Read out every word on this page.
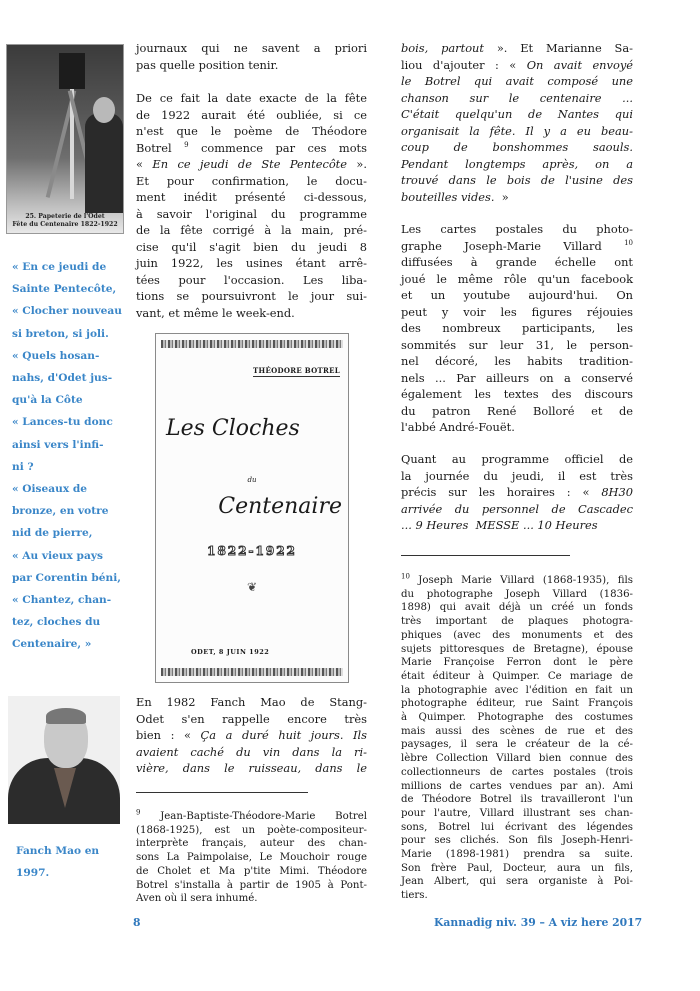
25. Papeterie de l'Odet
Fête du Centenaire 1822-1922
« En ce jeudi de
Sainte Pentecôte,
« Clocher nouveau
si breton, si joli.
« Quels hosan-
nahs, d'Odet jus-
qu'à la Côte
« Lances-tu donc
ainsi vers l'infi-
ni ?
« Oiseaux de
bronze, en votre
nid de pierre,
« Au vieux pays
par Corentin béni,
« Chantez, chan-
tez, cloches du
Centenaire, »
Fanch Mao en
1997.
journaux qui ne savent a priori
pas quelle position tenir.
De ce fait la date exacte de la fête
de 1922 aurait été oubliée, si ce
n'est que le poème de Théodore
Botrel $^9$ commence par ces mots
« En ce jeudi de Ste Pentecôte ».
Et pour confirmation, le docu-
ment inédit présenté ci-dessous,
à savoir l'original du programme
de la fête corrigé à la main, pré-
cise qu'il s'agit bien du jeudi 8
juin 1922, les usines étant arrê-
tées pour l'occasion. Les liba-
tions se poursuivront le jour sui-
vant, et même le week-end.
THÉODORE BOTREL
Les Cloches
du
Centenaire
1822-1922
❦
ODET, 8 JUIN 1922
En 1982 Fanch Mao de Stang-
Odet s'en rappelle encore très
bien : « Ça a duré huit jours. Ils
avaient caché du vin dans la ri-
vière, dans le ruisseau, dans le
$^9$ Jean-Baptiste-Théodore-Marie Botrel
(1868-1925), est un poète-compositeur-
interprète français, auteur des chan-
sons La Paimpolaise, Le Mouchoir rouge
de Cholet et Ma p'tite Mimi. Théodore
Botrel s'installa à partir de 1905 à Pont-
Aven où il sera inhumé.
8
bois, partout ». Et Marianne Sa-
liou d'ajouter : « On avait envoyé
le Botrel qui avait composé une
chanson sur le centenaire ...
C'était quelqu'un de Nantes qui
organisait la fête. Il y a eu beau-
coup de bonshommes saouls.
Pendant longtemps après, on a
trouvé dans le bois de l'usine des
bouteilles vides.  »
Les cartes postales du photo-
graphe Joseph-Marie Villard	$^{10}$
diffusées à grande échelle ont
joué le même rôle qu'un facebook
et un youtube aujourd'hui. On
peut y voir les figures réjouies
des nombreux participants, les
sommités sur leur 31, le person-
nel décoré, les habits tradition-
nels ... Par ailleurs on a conservé
également les textes des discours
du patron René Bolloré et de
l'abbé André-Fouët.
Quant au programme officiel de
la journée du jeudi, il est très
précis sur les horaires : « 8H30
arrivée du personnel de Cascadec
... 9 Heures  MESSE ... 10 Heures
$^{10}$ Joseph Marie Villard (1868-1935), fils
du photographe Joseph Villard (1836-
1898) qui avait déjà un créé un fonds
très important de plaques photogra-
phiques (avec des monuments et des
sujets pittoresques de Bretagne), épouse
Marie Françoise Ferron dont le père
était éditeur à Quimper. Ce mariage de
la photographie avec l'édition en fait un
photographe éditeur, rue Saint François
à Quimper. Photographe des costumes
mais aussi des scènes de rue et des
paysages, il sera le créateur de la cé-
lèbre Collection Villard bien connue des
collectionneurs de cartes postales (trois
millions de cartes vendues par an). Ami
de Théodore Botrel ils travailleront l'un
pour l'autre, Villard illustrant ses chan-
sons, Botrel lui écrivant des légendes
pour ses clichés. Son fils Joseph-Henri-
Marie (1898-1981) prendra sa suite.
Son frère Paul, Docteur, aura un fils,
Jean Albert, qui sera organiste à Poi-
tiers.
Kannadig niv. 39 – A viz here 2017
